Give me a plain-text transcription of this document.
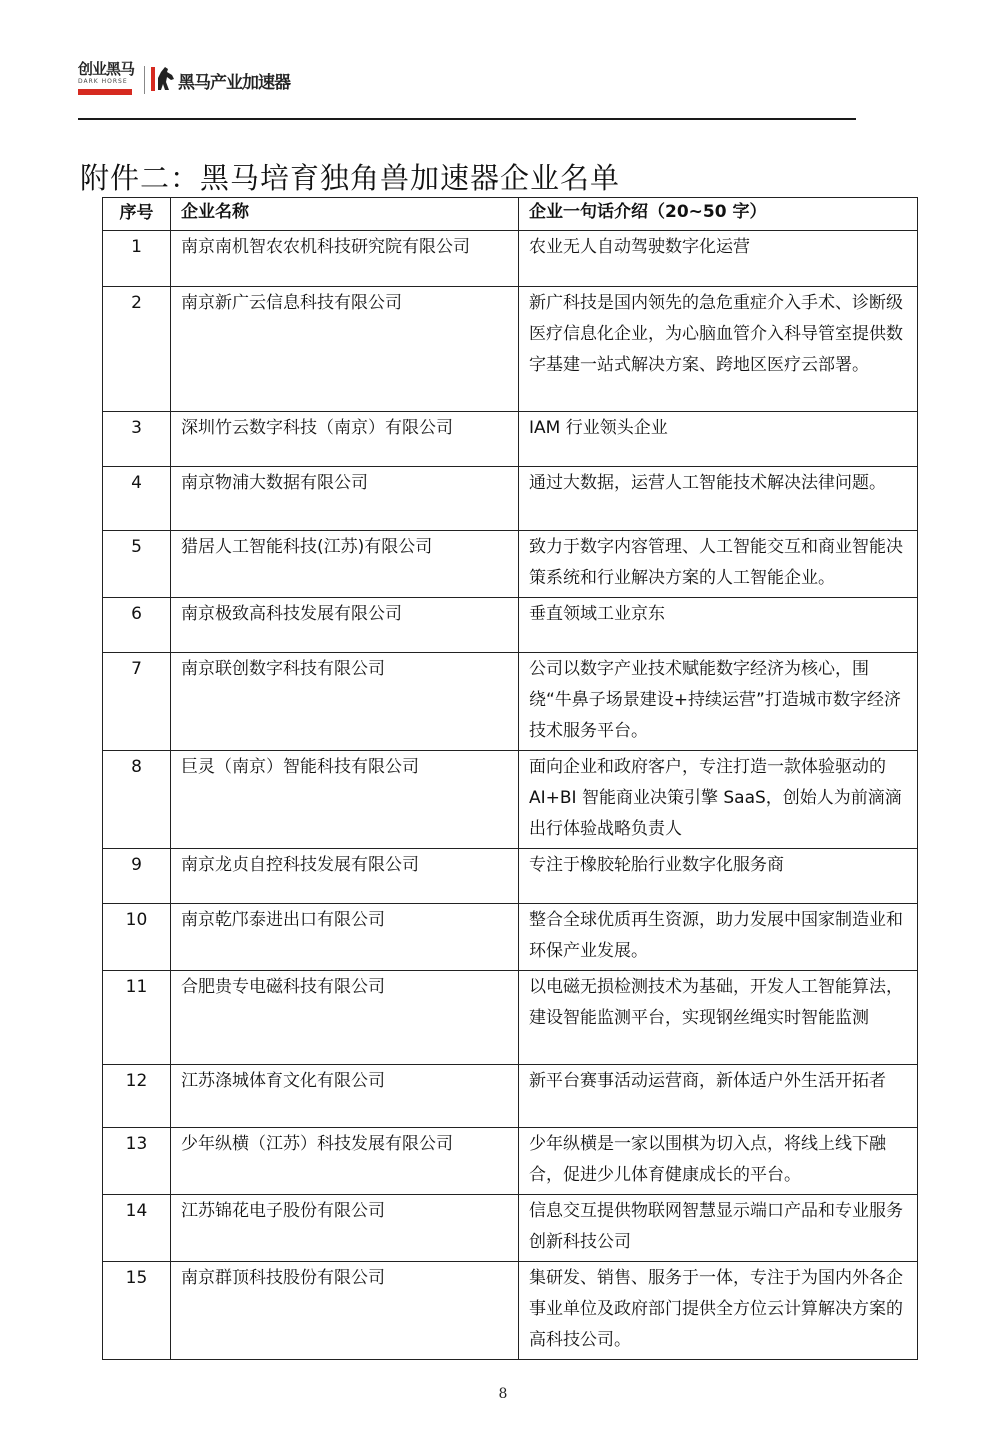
创业黑马
DARK HORSE	黑马产业加速器
附件二：黑马培育独角兽加速器企业名单
序号	企业名称	企业一句话介绍（20~50 字）
1	南京南机智农农机科技研究院有限公司	农业无人自动驾驶数字化运营
2	南京新广云信息科技有限公司	新广科技是国内领先的急危重症介入手术、诊断级医疗信息化企业，为心脑血管介入科导管室提供数字基建一站式解决方案、跨地区医疗云部署。
3	深圳竹云数字科技（南京）有限公司	IAM 行业领头企业
4	南京物浦大数据有限公司	通过大数据，运营人工智能技术解决法律问题。
5	猎居人工智能科技(江苏)有限公司	致力于数字内容管理、人工智能交互和商业智能决策系统和行业解决方案的人工智能企业。
6	南京极致高科技发展有限公司	垂直领域工业京东
7	南京联创数字科技有限公司	公司以数字产业技术赋能数字经济为核心，围绕“牛鼻子场景建设+持续运营”打造城市数字经济技术服务平台。
8	巨灵（南京）智能科技有限公司	面向企业和政府客户，专注打造一款体验驱动的 AI+BI 智能商业决策引擎 SaaS，创始人为前滴滴出行体验战略负责人
9	南京龙贞自控科技发展有限公司	专注于橡胶轮胎行业数字化服务商
10	南京乾邝泰进出口有限公司	整合全球优质再生资源，助力发展中国家制造业和环保产业发展。
11	合肥贵专电磁科技有限公司	以电磁无损检测技术为基础，开发人工智能算法，建设智能监测平台，实现钢丝绳实时智能监测
12	江苏涤城体育文化有限公司	新平台赛事活动运营商，新体适户外生活开拓者
13	少年纵横（江苏）科技发展有限公司	少年纵横是一家以围棋为切入点，将线上线下融合，促进少儿体育健康成长的平台。
14	江苏锦花电子股份有限公司	信息交互提供物联网智慧显示端口产品和专业服务创新科技公司
15	南京群顶科技股份有限公司	集研发、销售、服务于一体，专注于为国内外各企事业单位及政府部门提供全方位云计算解决方案的高科技公司。
8
